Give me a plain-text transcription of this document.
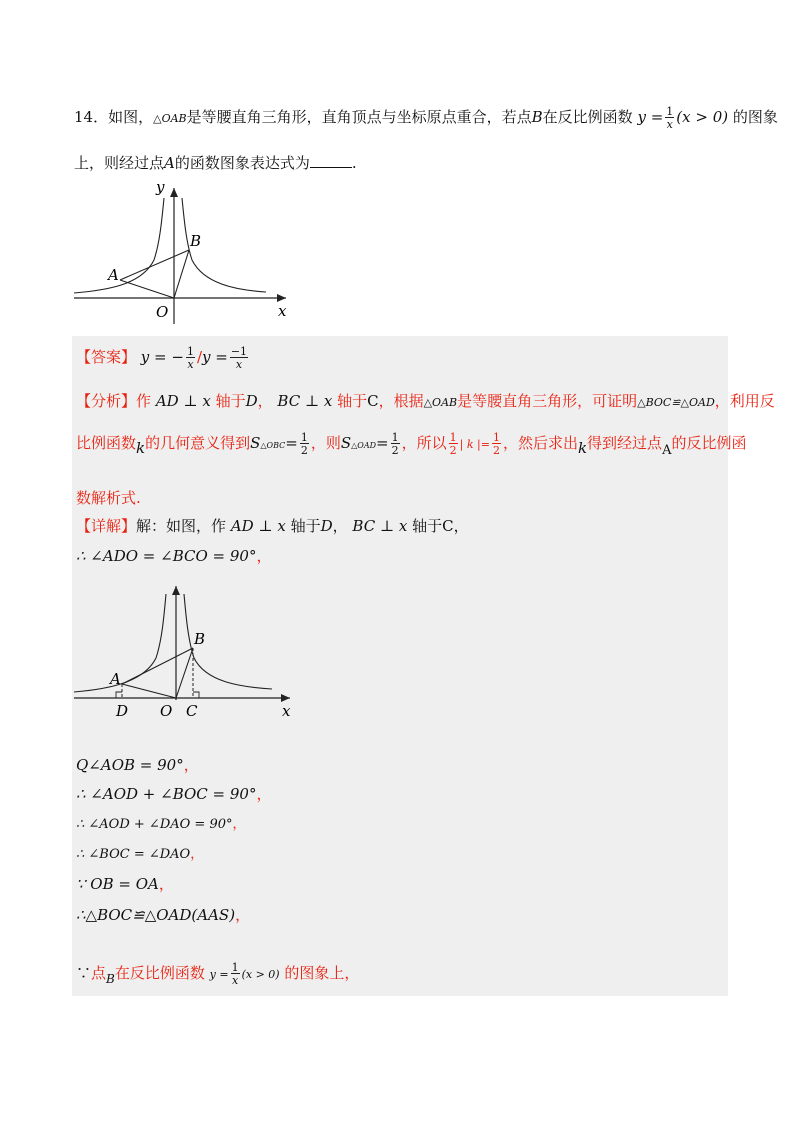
14．如图，△OAB是等腰直角三角形，直角顶点与坐标原点重合，若点B在反比例函数 $y = \frac{1}{x} (x > 0)$ 的图象
上，则经过点A的函数图象表达式为	.
y
x
A
B
O
【答案】 y = − $\frac{1}{x} /y = \frac{-1}{x}$
【分析】作 AD ⊥ x 轴于D， BC ⊥ x 轴于C，根据△OAB是等腰直角三角形，可证明△BOC≌△OAD，利用反
比例函数k的几何意义得到S△OBC= $\frac{1}{2}$ ，则S△OAD= $\frac{1}{2}$ ，所以 $\frac{1}{2}$ | k |= $\frac{1}{2}$ ，然后求出k得到经过点A的反比例函
数解析式.
【详解】解：如图，作 AD ⊥ x 轴于D， BC ⊥ x 轴于C，
∴ ∠ADO = ∠BCO = 90°，
A
B
D O C	x
Q∠AOB = 90°，
∴ ∠AOD + ∠BOC = 90°，
∴ ∠AOD + ∠DAO = 90°，
∴ ∠BOC = ∠DAO，
∵ OB = OA，
∴△BOC≌△OAD(AAS)，
∵点$_B$在反比例函数 $y = \frac{1}{x} (x > 0)$ 的图象上，
